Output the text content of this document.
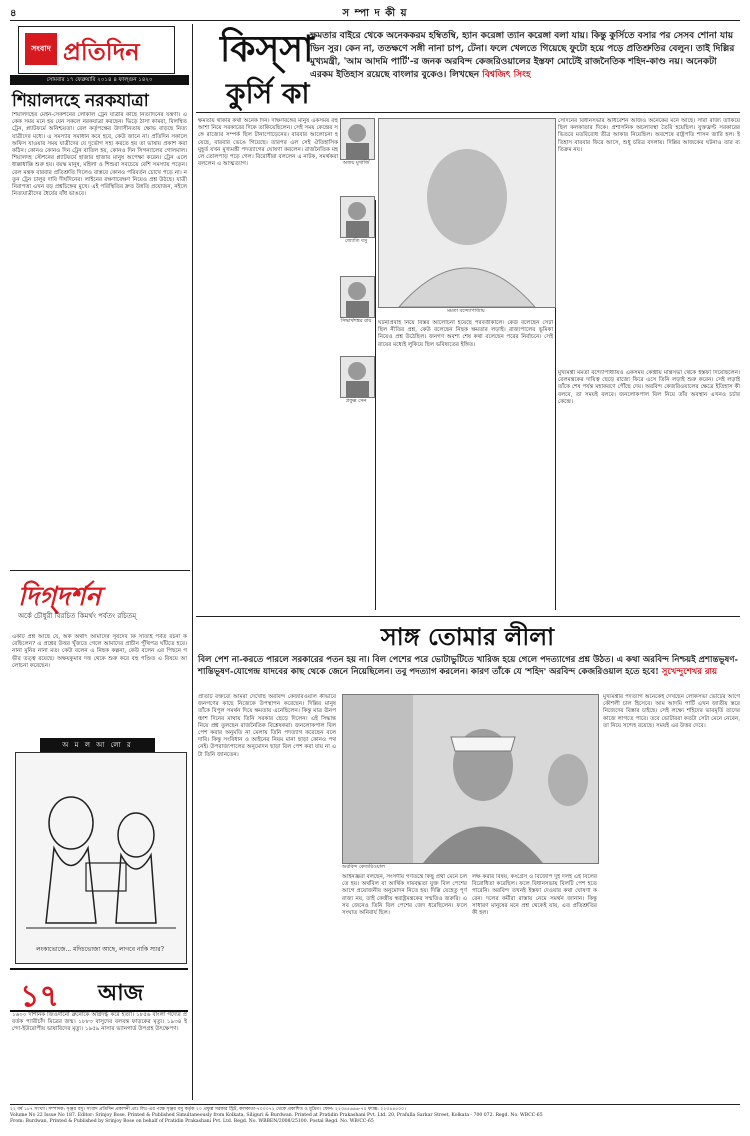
৪	স ম্পা দ কী য়
সংবাদ প্রতিদিন
সোমবার ১৭ ফেব্রুয়ারি ২০১৪ ৪ ফাল্গুন ১৪২০
শিয়ালদহে নরকযাত্রা
শিয়ালদহের মেইন-সেকশনের লোকাল ট্রেন যাত্রীর কাছে নিত্যদিনের যন্ত্রণা। একেক সময় মনে হয় যেন সকলে নরকযাত্রা করছেন। ভিড়ে ঠাসা কামরা, বিলম্বিত ট্রেন, প্ল্যাটফর্মে অনিশ্চয়তা। রেল কর্তৃপক্ষের উদাসীনতায় ক্ষোভ বাড়ছে নিত্যযাত্রীদের মধ্যে। এ সমস্যার সমাধান কবে হবে, কেউ জানে না। প্রতিদিন সকালে অফিস যাওয়ার সময় যাত্রীদের যে দুর্ভোগ সহ্য করতে হয় তা ভাষায় প্রকাশ করা কঠিন। কোনও কোনও দিন ট্রেন বাতিল হয়, কোনও দিন সিগন্যালের গোলমাল। শিয়ালদহ স্টেশনের প্ল্যাটফর্মে হাজার হাজার মানুষ অপেক্ষা করেন। ট্রেন এলে ধাক্কাধাক্কি শুরু হয়। বয়স্ক মানুষ, মহিলা ও শিশুরা সবচেয়ে বেশি সমস্যায় পড়েন। রেল মন্ত্রক বারবার প্রতিশ্রুতি দিলেও বাস্তবে কোনও পরিবর্তন চোখে পড়ে না। নতুন ট্রেন চালুর দাবি দীর্ঘদিনের। লাইনের রক্ষণাবেক্ষণ নিয়েও প্রশ্ন উঠছে। যাত্রী নিরাপত্তা এখন বড় প্রশ্নচিহ্নের মুখে। এই পরিস্থিতির দ্রুত উন্নতি প্রয়োজন, নইলে নিত্যযাত্রীদের ধৈর্যের বাঁধ ভাঙবে।
দিগ্‌দর্শন
অর্কে চৌধুরী বিরচিত কিমর্থং পর্বতং রচিতম্
একটি প্রশ্ন আছে যে, অর্ক অর্থাৎ আমাদের সূর্যদেব কি সত্যিই পর্বত রচনা করেছিলেন? এ প্রশ্নের উত্তর খুঁজতে গেলে আমাদের প্রাচীন পুঁথিপত্র ঘাঁটতে হবে। নানা মুনির নানা মত। কেউ বলেন এ নিছক কল্পনা, কেউ বলেন এর পিছনে গভীর তত্ত্ব রয়েছে। অক্ষয়কুমার দত্ত থেকে শুরু করে বহু পণ্ডিত এ বিষয়ে আলোচনা করেছেন।
অ ম ল আ লো র
লংকাভোজে... মদিচভোজা আছে, লাগবে নাকি স্যার?
১৭ আজ
১৬০০ দার্শনিক জিওর্দানো ব্রুনোকে অগ্নিদগ্ধ করে হত্যা। ১৮৫৬ বাংলা গদ্যের প্রবর্তক প্যারীচাঁদ মিত্রের জন্ম। ১৮৮৩ বাসুদেব বলবন্ত ফাড়কের মৃত্যু। ১৯৩৪ ইন্দো-ইউরোপীয় ভাষাবিদের মৃত্যু। ১৯৫৯ নাসার ভ্যানগার্ড উপগ্রহ উৎক্ষেপণ।
কিস্সা
কুর্সি কা
ক্ষমতার বাইরে থেকে অনেককরম হম্বিতম্বি, হ্যান করেঙ্গা ত্যান করেঙ্গা বলা যায়। কিন্তু কুর্সিতে বসার পর সেসব শোনা যায় ভিন সুর। কেন না, ততক্ষণে সঙ্গী নানা চাপ, টেনা। ফলে খেলতে গিয়েছে ফুটো হয়ে পড়ে প্রতিশ্রুতির বেলুন। তাই দিল্লির মুখ্যমন্ত্রী, 'আম আদমি পার্টি'-র জনক অরবিন্দ কেজরিওয়ালের ইস্তফা মোটেই রাজনৈতিক শহিদ-কাণ্ড নয়। অনেকটা এরকম ইতিহাস রয়েছে বাংলার বুকেও। লিখছেন বিশ্বজিৎ সিংহ
ক্ষমতায় থাকার কথা অনেক দিন। দক্ষিণবঙ্গের মানুষ একসময় বহু আশা নিয়ে সরকারের দিকে তাকিয়েছিলেন। সেই সময় কেন্দ্রের সঙ্গে রাজ্যের সম্পর্ক ছিল টানাপোড়েনের। বারবার আলোচনা হয়েছে, বারবার ভেঙে গিয়েছে। তারপর এল সেই ঐতিহাসিক মুহূর্ত যখন মুখ্যমন্ত্রী পদত্যাগের ঘোষণা করলেন। রাজনৈতিক মহলে তোলপাড় পড়ে গেল। বিরোধীরা বললেন এ নাটক, সমর্থকরা বললেন এ আত্মত্যাগ।	অজয় মুখার্জি
জ্যোতি বসু
সিদ্ধার্থশঙ্কর রায়
প্রফুল্ল সেন
মমতা বন্দ্যোপাধ্যায়
ঘটনাপ্রবাহ নিয়ে বিস্তর আলোচনা হয়েছে পরবর্তীকালে। কেউ বলেছেন সেটা ছিল নীতির প্রশ্ন, কেউ বলেছেন নিছক ক্ষমতার লড়াই। রাজ্যপালের ভূমিকা নিয়েও প্রশ্ন উঠেছিল। জনগণ অবশ্য শেষ কথা বলেছেন পরের নির্বাচনে। সেই রায়ের মধ্যেই লুকিয়ে ছিল ভবিষ্যতের ইঙ্গিত।
সেদিনের বিধানসভার অধিবেশন আজও অনেকের মনে আছে। সারা রাজ্য তাকিয়ে ছিল কলকাতার দিকে। প্রশাসনিক অচলাবস্থা তৈরি হয়েছিল। যুক্তফ্রন্ট সরকারের ভিতরে মতবিরোধ তীব্র আকার নিয়েছিল। অবশেষে রাষ্ট্রপতি শাসন জারি হল। ইতিহাস বারবার ফিরে আসে, শুধু চরিত্র বদলায়। দিল্লির আজকের ঘটনাও তার ব্যতিক্রম নয়।
মুখ্যমন্ত্রী মমতা বন্দ্যোপাধ্যায়ও একসময় কেন্দ্রীয় মন্ত্রিসভা থেকে ইস্তফা দিয়েছিলেন। রেলমন্ত্রকের দায়িত্ব ছেড়ে রাজ্যে ফিরে এসে তিনি লড়াই শুরু করেন। সেই লড়াই তাঁকে শেষ পর্যন্ত মহাকরণে পৌঁছে দেয়। অরবিন্দ কেজরিওয়ালের ক্ষেত্রে ইতিহাস কী বলবে, তা সময়ই বলবে। জনলোকপাল বিল নিয়ে তাঁর অবস্থান এখনও চর্চার কেন্দ্রে।
সাঙ্গ তোমার লীলা
বিল পেশ না-করতে পারলে সরকারের পতন হয় না। বিল পেশের পরে ভোটাভুটিতে খারিজ হয়ে গেলে পদত্যাগের প্রশ্ন উঠত। এ কথা অরবিন্দ নিশ্চয়ই প্রশান্তভূষণ-শান্তিভূষণ-যোগেন্দ্র যাদবের কাছ থেকে জেনে নিয়েছিলেন। তবু পদত্যাগ করলেন। কারণ তাঁকে যে 'শহিদ' অরবিন্দ কেজরিওয়াল হতে হবে! সুখেন্দুশেখর রায়
প্রতিটি বক্তব্যে আমরা দেখেছি অরবিন্দ কেজরিওয়াল কীভাবে জনগণের কাছে নিজেকে উপস্থাপন করেছেন। দিল্লির মানুষ তাঁকে বিপুল সমর্থন দিয়ে ক্ষমতায় এনেছিলেন। কিন্তু মাত্র ঊনপঞ্চাশ দিনের মাথায় তিনি সরকার ছেড়ে দিলেন। এই সিদ্ধান্ত নিয়ে প্রশ্ন তুলছেন রাজনৈতিক বিশ্লেষকরা। জনলোকপাল বিল পেশ করার অনুমতি না মেলায় তিনি পদত্যাগ করেছেন বলে দাবি। কিন্তু সংবিধান ও আইনের নিয়ম মানা ছাড়া কোনও পথ নেই। উপরাজ্যপালের অনুমোদন ছাড়া বিল পেশ করা যায় না এটা তিনি জানতেন।
অরবিন্দ কেজরিওয়াল
আইনজ্ঞরা বলছেন, সংসদীয় গণতন্ত্রে কিছু প্রথা মেনে চলতে হয়। অর্থবিল বা আর্থিক দায়বদ্ধতা যুক্ত বিল পেশের আগে প্রয়োজনীয় অনুমোদন নিতে হয়। দিল্লি যেহেতু পূর্ণ রাজ্য নয়, তাই কেন্দ্রীয় স্বরাষ্ট্রমন্ত্রকের সম্মতিও জরুরি। এসব জেনেও তিনি বিল পেশের জেদ ধরেছিলেন। ফলে সংঘাত অনিবার্য ছিল।
লক্ষ করার বিষয়, কংগ্রেস ও বিজেপি দুই দলই এই বিলের বিরোধিতা করেছিল। ফলে বিধানসভায় বিলটি পেশ হতে পারেনি। অরবিন্দ তখনই ইস্তফা দেওয়ার কথা ঘোষণা করেন। দলের কর্মীরা রাস্তায় নেমে সমর্থন জানান। কিন্তু সাধারণ মানুষের মনে প্রশ্ন থেকেই যায়, এত প্রতিশ্রুতির কী হল।
মুখ্যমন্ত্রীর পদত্যাগ অনেকেই দেখছেন লোকসভা ভোটের আগে কৌশলী চাল হিসেবে। আম আদমি পার্টি এখন জাতীয় স্তরে নিজেদের বিস্তার চাইছে। সেই লক্ষ্যে শহিদের ভাবমূর্তি তাদের কাজে লাগতে পারে। তবে ভোটাররা কতটা সেটা মেনে নেবেন, তা নিয়ে সন্দেহ রয়েছে। সময়ই এর উত্তর দেবে।
২২ বর্ষ ১৮৭ সংখ্যা। সম্পাদক: সৃঞ্জয় বসু। সংবাদ প্রতিদিন প্রকাশনী প্রাঃ লিঃ-এর পক্ষে সৃঞ্জয় বসু কর্তৃক ২০ প্রফুল্ল সরকার স্ট্রিট, কলকাতা-৭০০০৭২ থেকে প্রকাশিত ও মুদ্রিত। ফোন: ২২৩৪৫৬৬৬-৭০ ফ্যাক্স: ২২৩৪৪৫০০।
Volume No 22 Issue No 187. Editor: Srinjoy Bose. Printed & Published Simultaneously from Kolkata, Siliguri & Burdwan. Printed at Pratidin Prakashani Pvt. Ltd. 20, Prafulla Sarkar Street, Kolkata - 700 072. Regd. No. WBCC-65
From: Burdwan, Printed & Published by Srinjoy Bose on behalf of Pratidin Prakashani Pvt. Ltd. Regd. No. WBBEN/2008/25100. Postal Regd. No. WB/CC-65
